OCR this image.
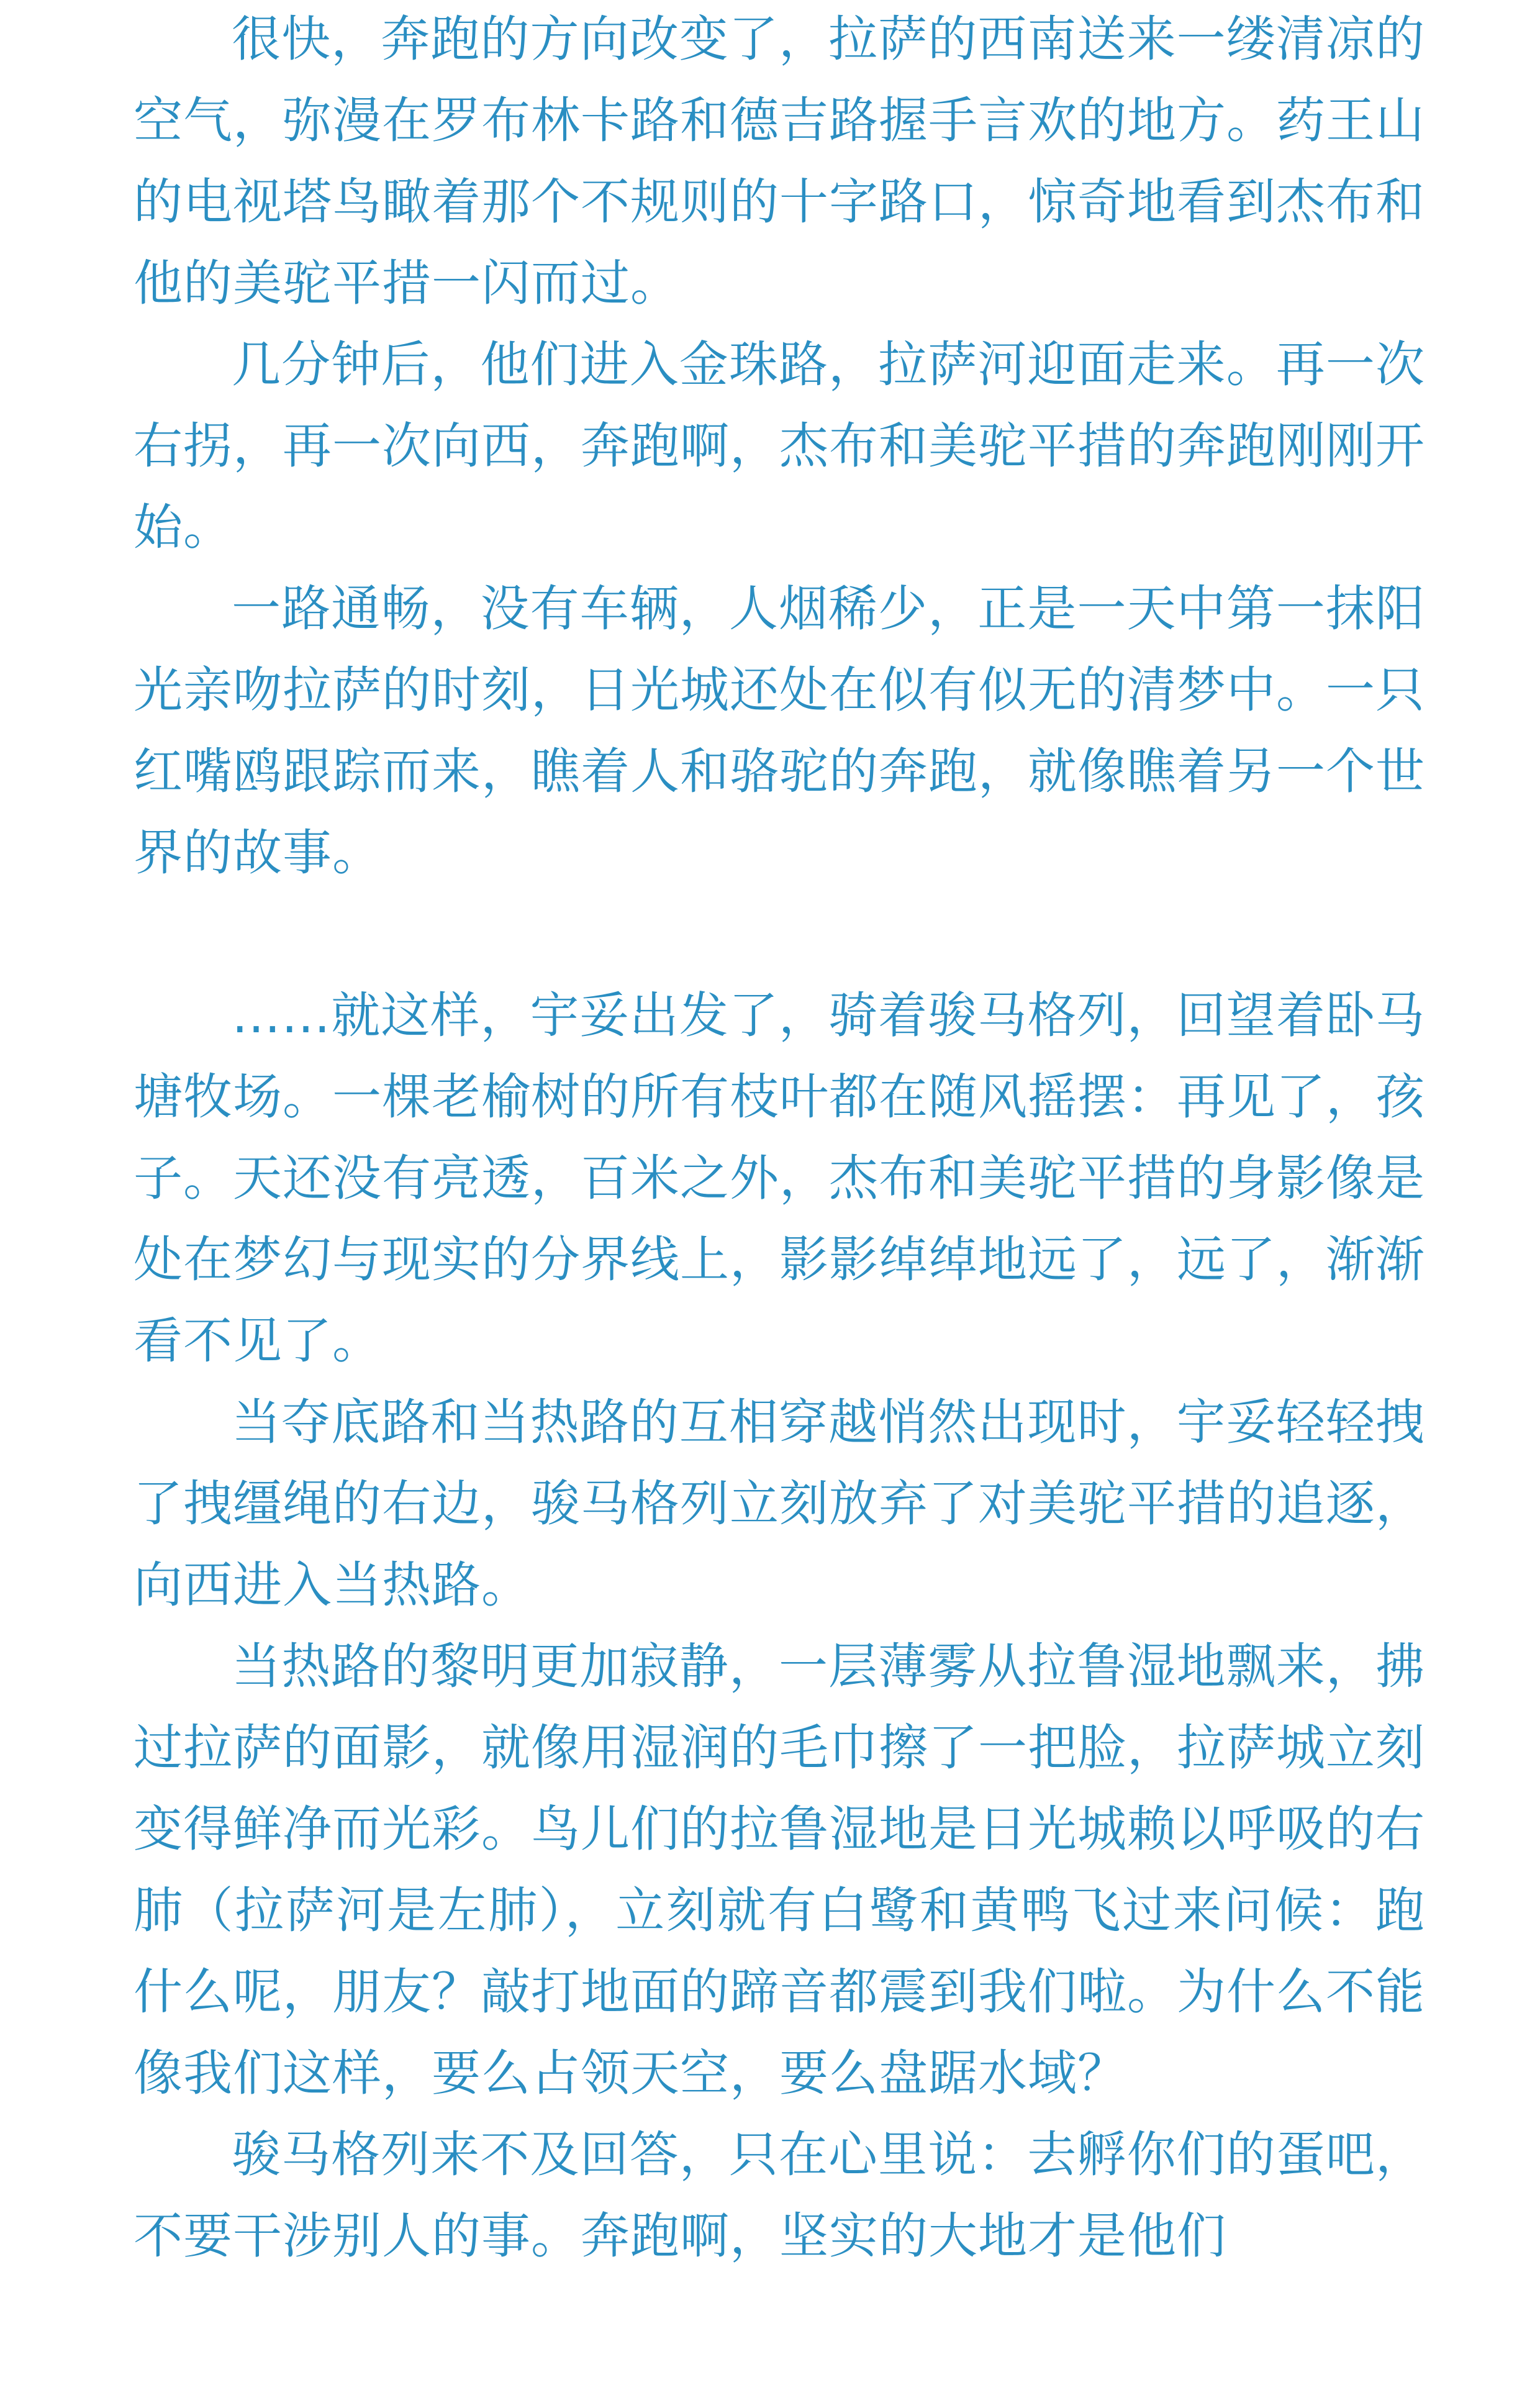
很快，奔跑的方向改变了，拉萨的西南送来一缕清凉的空气，弥漫在罗布林卡路和德吉路握手言欢的地方。药王山的电视塔鸟瞰着那个不规则的十字路口，惊奇地看到杰布和他的美驼平措一闪而过。

几分钟后，他们进入金珠路，拉萨河迎面走来。再一次右拐，再一次向西，奔跑啊，杰布和美驼平措的奔跑刚刚开始。

一路通畅，没有车辆，人烟稀少，正是一天中第一抹阳光亲吻拉萨的时刻，日光城还处在似有似无的清梦中。一只红嘴鸥跟踪而来，瞧着人和骆驼的奔跑，就像瞧着另一个世界的故事。

……就这样，宇妥出发了，骑着骏马格列，回望着卧马塘牧场。一棵老榆树的所有枝叶都在随风摇摆：再见了，孩子。天还没有亮透，百米之外，杰布和美驼平措的身影像是处在梦幻与现实的分界线上，影影绰绰地远了，远了，渐渐看不见了。

当夺底路和当热路的互相穿越悄然出现时，宇妥轻轻拽了拽缰绳的右边，骏马格列立刻放弃了对美驼平措的追逐，向西进入当热路。

当热路的黎明更加寂静，一层薄雾从拉鲁湿地飘来，拂过拉萨的面影，就像用湿润的毛巾擦了一把脸，拉萨城立刻变得鲜净而光彩。鸟儿们的拉鲁湿地是日光城赖以呼吸的右肺（拉萨河是左肺），立刻就有白鹭和黄鸭飞过来问候：跑什么呢，朋友？敲打地面的蹄音都震到我们啦。为什么不能像我们这样，要么占领天空，要么盘踞水域？

骏马格列来不及回答，只在心里说：去孵你们的蛋吧，不要干涉别人的事。奔跑啊，坚实的大地才是他们
